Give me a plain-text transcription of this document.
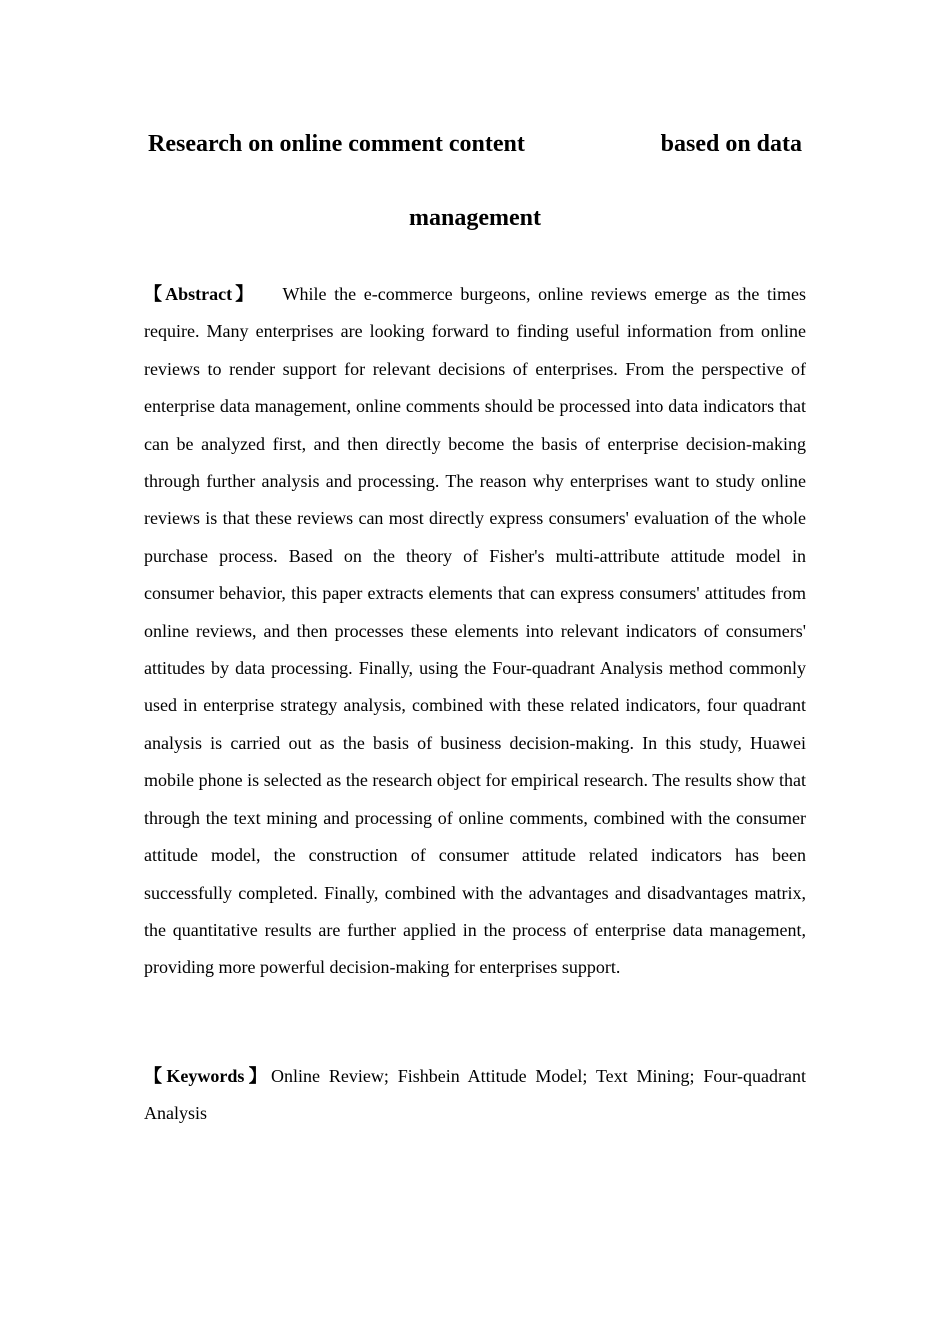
Research on online comment content	based on data
management
【Abstract】 While the e-commerce burgeons, online reviews emerge as the times require. Many enterprises are looking forward to finding useful information from online reviews to render support for relevant decisions of enterprises. From the perspective of enterprise data management, online comments should be processed into data indicators that can be analyzed first, and then directly become the basis of enterprise decision-making through further analysis and processing. The reason why enterprises want to study online reviews is that these reviews can most directly express consumers' evaluation of the whole purchase process. Based on the theory of Fisher's multi-attribute attitude model in consumer behavior, this paper extracts elements that can express consumers' attitudes from online reviews, and then processes these elements into relevant indicators of consumers' attitudes by data processing. Finally, using the Four-quadrant Analysis method commonly used in enterprise strategy analysis, combined with these related indicators, four quadrant analysis is carried out as the basis of business decision-making. In this study, Huawei mobile phone is selected as the research object for empirical research. The results show that through the text mining and processing of online comments, combined with the consumer attitude model, the construction of consumer attitude related indicators has been successfully completed. Finally, combined with the advantages and disadvantages matrix, the quantitative results are further applied in the process of enterprise data management, providing more powerful decision-making for enterprises support.
【Keywords】Online Review; Fishbein Attitude Model; Text Mining; Four-quadrant Analysis
